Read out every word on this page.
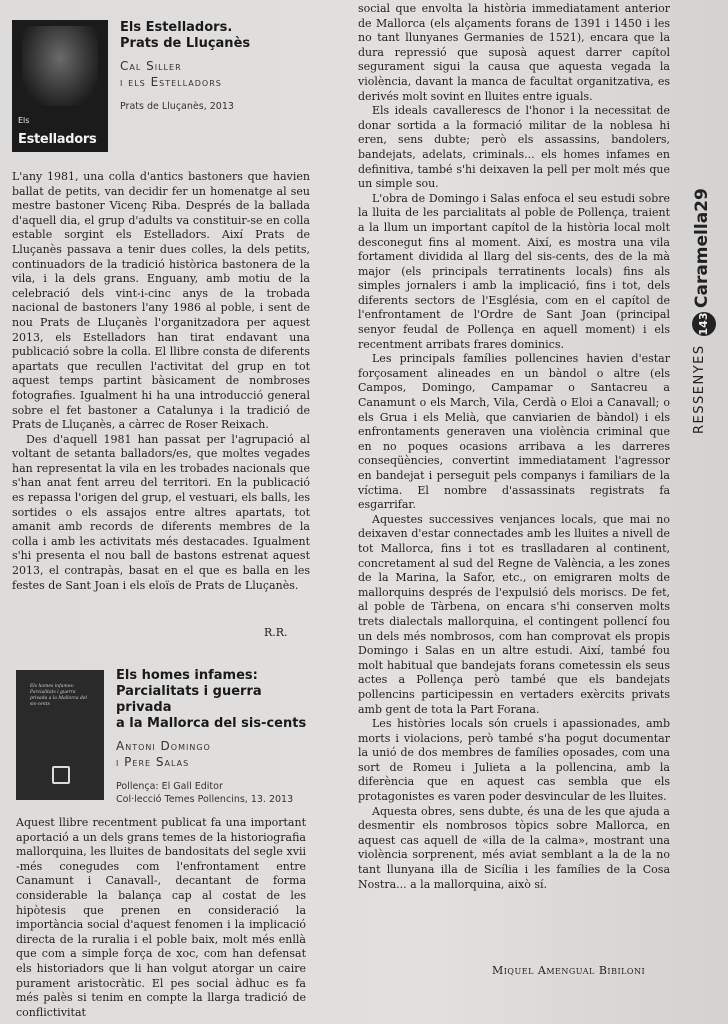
Els
Estelladors
Els Estelladors.
Prats de Lluçanès
Cal Siller
i els Estelladors
Prats de Lluçanès, 2013

L'any 1981, una colla d'antics bastoners que havien ballat de petits, van decidir fer un homenatge al seu mestre bastoner Vicenç Riba. Després de la ballada d'aquell dia, el grup d'adults va constituir-se en colla estable sorgint els Estelladors. Així Prats de Lluçanès passava a tenir dues colles, la dels petits, continuadors de la tradició històrica bastonera de la vila, i la dels grans. Enguany, amb motiu de la celebració dels vint-i-cinc anys de la trobada nacional de bastoners l'any 1986 al poble, i sent de nou Prats de Lluçanès l'organitzadora per aquest 2013, els Estelladors han tirat endavant una publicació sobre la colla. El llibre consta de diferents apartats que recullen l'activitat del grup en tot aquest temps partint bàsicament de nombroses fotografies. Igualment hi ha una introducció general sobre el fet bastoner a Catalunya i la tradició de Prats de Lluçanès, a càrrec de Roser Reixach.

Des d'aquell 1981 han passat per l'agrupació al voltant de setanta balladors/es, que moltes vegades han representat la vila en les trobades nacionals que s'han anat fent arreu del territori. En la publicació es repassa l'origen del grup, el vestuari, els balls, les sortides o els assajos entre altres apartats, tot amanit amb records de diferents membres de la colla i amb les activitats més destacades. Igualment s'hi presenta el nou ball de bastons estrenat aquest 2013, el contrapàs, basat en el que es balla en les festes de Sant Joan i els eloïs de Prats de Lluçanès.

R.R.
Els homes infames: Parcialitats i guerra privada a la Mallorca del sis-cents
Els homes infames:
Parcialitats i guerra privada
a la Mallorca del sis-cents
Antoni Domingo
i Pere Salas
Pollença: El Gall Editor
Col·lecció Temes Pollencins, 13. 2013

Aquest llibre recentment publicat fa una important aportació a un dels grans temes de la historiografia mallorquina, les lluites de bandositats del segle xvii -més conegudes com l'enfrontament entre Canamunt i Canavall-, decantant de forma considerable la balança cap al costat de les hipòtesis que prenen en consideració la importància social d'aquest fenomen i la implicació directa de la ruralia i el poble baix, molt més enllà que com a simple força de xoc, com han defensat els historiadors que li han volgut atorgar un caire purament aristocràtic. El pes social àdhuc es fa més palès si tenim en compte la llarga tradició de conflictivitat

social que envolta la història immediatament anterior de Mallorca (els alçaments forans de 1391 i 1450 i les no tant llunyanes Germanies de 1521), encara que la dura repressió que suposà aquest darrer capítol segurament sigui la causa que aquesta vegada la violència, davant la manca de facultat organitzativa, es derivés molt sovint en lluites entre iguals.

Els ideals cavallerescs de l'honor i la necessitat de donar sortida a la formació militar de la noblesa hi eren, sens dubte; però els assassins, bandolers, bandejats, adelats, criminals... els homes infames en definitiva, també s'hi deixaven la pell per molt més que un simple sou.

L'obra de Domingo i Salas enfoca el seu estudi sobre la lluita de les parcialitats al poble de Pollença, traient a la llum un important capítol de la història local molt desconegut fins al moment. Així, es mostra una vila fortament dividida al llarg del sis-cents, des de la mà major (els principals terratinents locals) fins als simples jornalers i amb la implicació, fins i tot, dels diferents sectors de l'Església, com en el capítol de l'enfrontament de l'Ordre de Sant Joan (principal senyor feudal de Pollença en aquell moment) i els recentment arribats frares dominics.

Les principals famílies pollencines havien d'estar forçosament alineades en un bàndol o altre (els Campos, Domingo, Campamar o Santacreu a Canamunt o els March, Vila, Cerdà o Eloi a Canavall; o els Grua i els Melià, que canviarien de bàndol) i els enfrontaments generaven una violència criminal que en no poques ocasions arribava a les darreres conseqüències, convertint immediatament l'agressor en bandejat i perseguit pels companys i familiars de la víctima. El nombre d'assassinats registrats fa esgarrifar.

Aquestes successives venjances locals, que mai no deixaven d'estar connectades amb les lluites a nivell de tot Mallorca, fins i tot es traslladaren al continent, concretament al sud del Regne de València, a les zones de la Marina, la Safor, etc., on emigraren molts de mallorquins després de l'expulsió dels moriscs. De fet, al poble de Tàrbena, on encara s'hi conserven molts trets dialectals mallorquina, el contingent pollencí fou un dels més nombrosos, com han comprovat els propis Domingo i Salas en un altre estudi. Així, també fou molt habitual que bandejats forans cometessin els seus actes a Pollença però també que els bandejats pollencins participessin en vertaders exèrcits privats amb gent de tota la Part Forana.

Les històries locals són cruels i apassionades, amb morts i violacions, però també s'ha pogut documentar la unió de dos membres de famílies oposades, com una sort de Romeu i Julieta a la pollencina, amb la diferència que en aquest cas sembla que els protagonistes es varen poder desvincular de les lluites.

Aquesta obres, sens dubte, és una de les que ajuda a desmentir els nombrosos tòpics sobre Mallorca, en aquest cas aquell de «illa de la calma», mostrant una violència sorprenent, més aviat semblant a la de la no tant llunyana illa de Sicília i les famílies de la Cosa Nostra... a la mallorquina, això sí.

Miquel Amengual Bibiloni
Caramella29
143
RESSENYES
